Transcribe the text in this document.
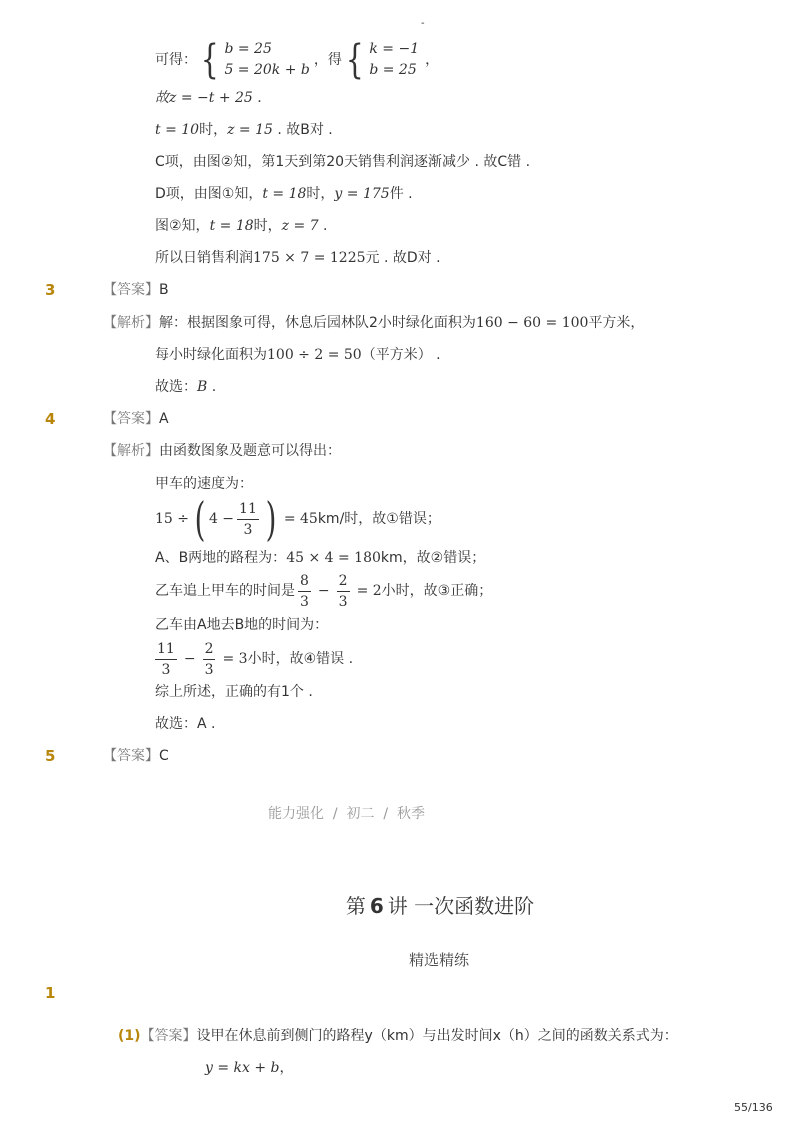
-
可得： { b = 25
5 = 20k + b
，得 { k = −1
b = 25
，
故z = −t + 25 .
t = 10时，z = 15 . 故B对 .
C项，由图②知，第1天到第20天销售利润逐渐减少 . 故C错 .
D项，由图①知，t = 18时，y = 175件 .
图②知，t = 18时，z = 7 .
所以日销售利润175 × 7 = 1225元 . 故D对 .
3	【答案】B
【解析】解：根据图象可得，休息后园林队2小时绿化面积为160 − 60 = 100平方米，
每小时绿化面积为100 ÷ 2 = 50（平方米） .
故选：B .
4	【答案】A
【解析】由函数图象及题意可以得出：
甲车的速度为：
15 ÷ ( $4 - \frac{11}{3}$ ) = 45 km/时，故①错误；
A、B两地的路程为：45 × 4 = 180km，故②错误；
乙车追上甲车的时间是 $\frac{8}{3} - \frac{2}{3} = 2$ 小时，故③正确；
乙车由A地去B地的时间为：
$\frac{11}{3} - \frac{2}{3} = 3$ 小时，故④错误 .
综上所述，正确的有1个 .
故选：A .
5	【答案】C
能力强化  /  初二  /  秋季
第 6 讲 一次函数进阶
精选精练
1
(1)【答案】设甲在休息前到侧门的路程y（km）与出发时间x（h）之间的函数关系式为：
y = kx + b，
55/136
